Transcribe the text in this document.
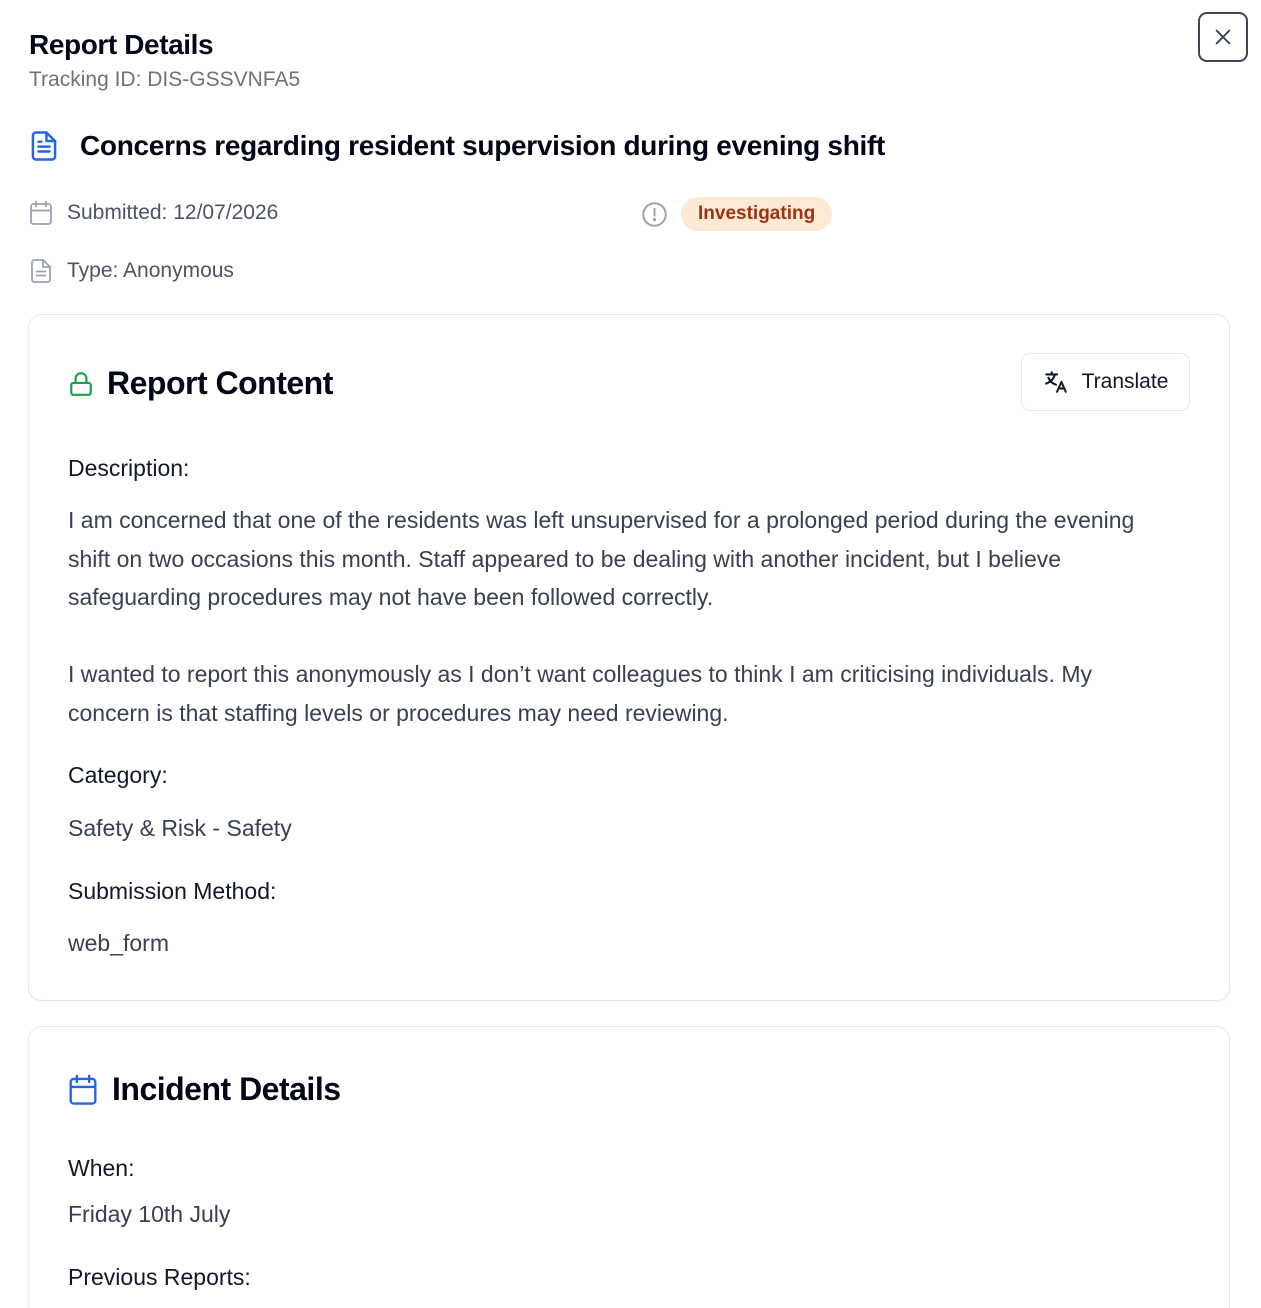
Report Details
Tracking ID: DIS-GSSVNFA5
Concerns regarding resident supervision during evening shift
Submitted: 12/07/2026	Investigating
Type: Anonymous
Report Content	Translate
Description:

I am concerned that one of the residents was left unsupervised for a prolonged period during the evening shift on two occasions this month. Staff appeared to be dealing with another incident, but I believe safeguarding procedures may not have been followed correctly.

I wanted to report this anonymously as I don’t want colleagues to think I am criticising individuals. My concern is that staffing levels or procedures may need reviewing.

Category:
Safety & Risk - Safety
Submission Method:
web_form
Incident Details
When:
Friday 10th July
Previous Reports:
